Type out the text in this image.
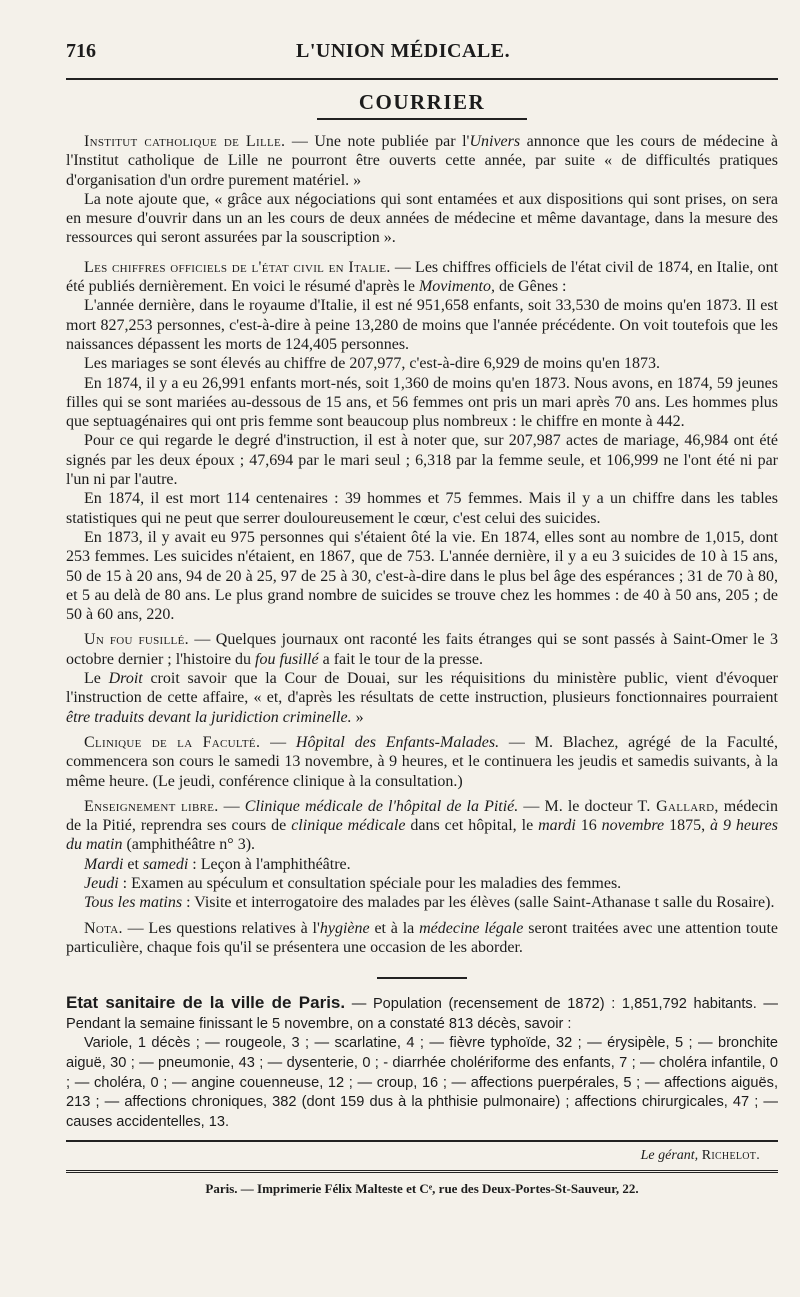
716	L'UNION MÉDICALE.
COURRIER

Institut catholique de Lille. — Une note publiée par l'Univers annonce que les cours de médecine à l'Institut catholique de Lille ne pourront être ouverts cette année, par suite « de difficultés pratiques d'organisation d'un ordre purement matériel. »

La note ajoute que, « grâce aux négociations qui sont entamées et aux dispositions qui sont prises, on sera en mesure d'ouvrir dans un an les cours de deux années de médecine et même davantage, dans la mesure des ressources qui seront assurées par la souscription ».

Les chiffres officiels de l'état civil en Italie. — Les chiffres officiels de l'état civil de 1874, en Italie, ont été publiés dernièrement. En voici le résumé d'après le Movimento, de Gênes :

L'année dernière, dans le royaume d'Italie, il est né 951,658 enfants, soit 33,530 de moins qu'en 1873. Il est mort 827,253 personnes, c'est-à-dire à peine 13,280 de moins que l'année précédente. On voit toutefois que les naissances dépassent les morts de 124,405 personnes.

Les mariages se sont élevés au chiffre de 207,977, c'est-à-dire 6,929 de moins qu'en 1873.

En 1874, il y a eu 26,991 enfants mort-nés, soit 1,360 de moins qu'en 1873. Nous avons, en 1874, 59 jeunes filles qui se sont mariées au-dessous de 15 ans, et 56 femmes ont pris un mari après 70 ans. Les hommes plus que septuagénaires qui ont pris femme sont beaucoup plus nombreux : le chiffre en monte à 442.

Pour ce qui regarde le degré d'instruction, il est à noter que, sur 207,987 actes de mariage, 46,984 ont été signés par les deux époux ; 47,694 par le mari seul ; 6,318 par la femme seule, et 106,999 ne l'ont été ni par l'un ni par l'autre.

En 1874, il est mort 114 centenaires : 39 hommes et 75 femmes. Mais il y a un chiffre dans les tables statistiques qui ne peut que serrer douloureusement le cœur, c'est celui des suicides.

En 1873, il y avait eu 975 personnes qui s'étaient ôté la vie. En 1874, elles sont au nombre de 1,015, dont 253 femmes. Les suicides n'étaient, en 1867, que de 753. L'année dernière, il y a eu 3 suicides de 10 à 15 ans, 50 de 15 à 20 ans, 94 de 20 à 25, 97 de 25 à 30, c'est-à-dire dans le plus bel âge des espérances ; 31 de 70 à 80, et 5 au delà de 80 ans. Le plus grand nombre de suicides se trouve chez les hommes : de 40 à 50 ans, 205 ; de 50 à 60 ans, 220.

Un fou fusillé. — Quelques journaux ont raconté les faits étranges qui se sont passés à Saint-Omer le 3 octobre dernier ; l'histoire du fou fusillé a fait le tour de la presse.

Le Droit croit savoir que la Cour de Douai, sur les réquisitions du ministère public, vient d'évoquer l'instruction de cette affaire, « et, d'après les résultats de cette instruction, plusieurs fonctionnaires pourraient être traduits devant la juridiction criminelle. »

Clinique de la Faculté. — Hôpital des Enfants-Malades. — M. Blachez, agrégé de la Faculté, commencera son cours le samedi 13 novembre, à 9 heures, et le continuera les jeudis et samedis suivants, à la même heure. (Le jeudi, conférence clinique à la consultation.)

Enseignement libre. — Clinique médicale de l'hôpital de la Pitié. — M. le docteur T. Gallard, médecin de la Pitié, reprendra ses cours de clinique médicale dans cet hôpital, le mardi 16 novembre 1875, à 9 heures du matin (amphithéâtre n° 3).

Mardi et samedi : Leçon à l'amphithéâtre.

Jeudi : Examen au spéculum et consultation spéciale pour les maladies des femmes.

Tous les matins : Visite et interrogatoire des malades par les élèves (salle Saint-Athanase t salle du Rosaire).

Nota. — Les questions relatives à l'hygiène et à la médecine légale seront traitées avec une attention toute particulière, chaque fois qu'il se présentera une occasion de les aborder.

Etat sanitaire de la ville de Paris. — Population (recensement de 1872) : 1,851,792 habitants. — Pendant la semaine finissant le 5 novembre, on a constaté 813 décès, savoir :

Variole, 1 décès ; — rougeole, 3 ; — scarlatine, 4 ; — fièvre typhoïde, 32 ; — érysipèle, 5 ; — bronchite aiguë, 30 ; — pneumonie, 43 ; — dysenterie, 0 ; - diarrhée cholériforme des enfants, 7 ; — choléra infantile, 0 ; — choléra, 0 ; — angine couenneuse, 12 ; — croup, 16 ; — affections puerpérales, 5 ; — affections aiguës, 213 ; — affections chroniques, 382 (dont 159 dus à la phthisie pulmonaire) ; affections chirurgicales, 47 ; — causes accidentelles, 13.

Le gérant, Richelot.
Paris. — Imprimerie Félix Malteste et Cᵉ, rue des Deux-Portes-St-Sauveur, 22.
